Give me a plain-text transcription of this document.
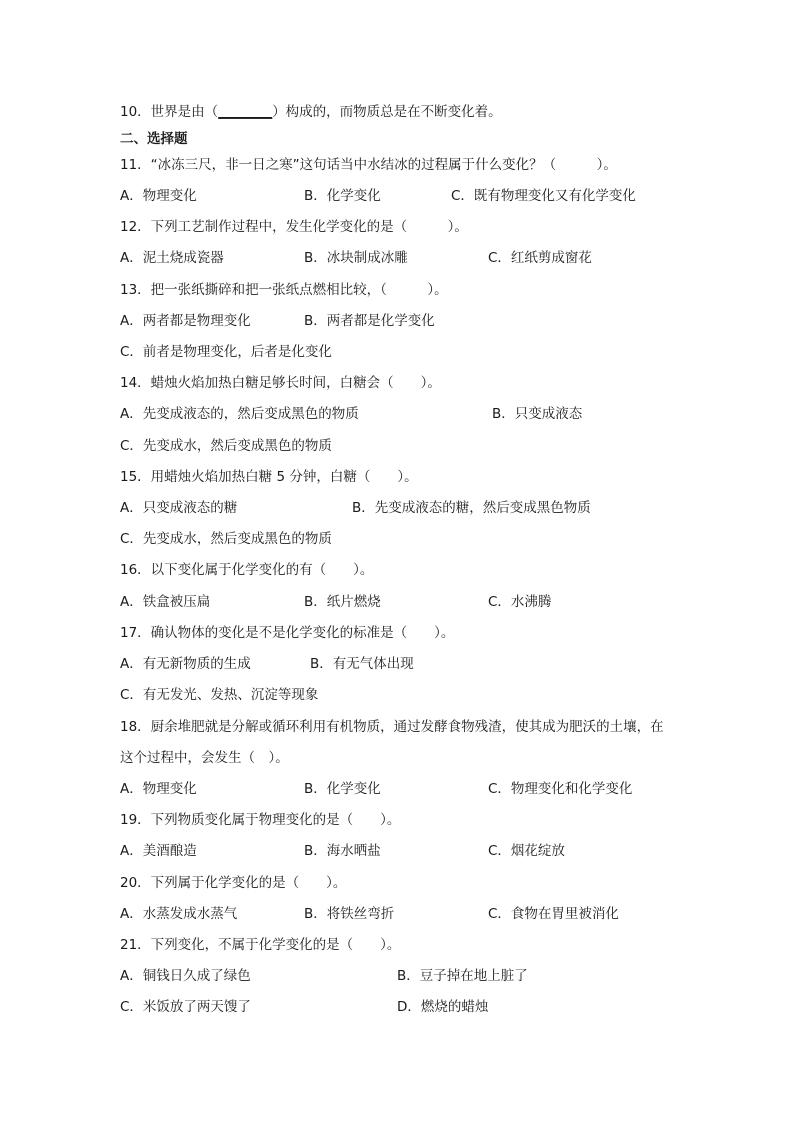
10．世界是由（________）构成的，而物质总是在不断变化着。
二、选择题
11．“冰冻三尺，非一日之寒”这句话当中水结冰的过程属于什么变化？（　　　）。
A．物理变化	B．化学变化	C．既有物理变化又有化学变化
12．下列工艺制作过程中，发生化学变化的是（　　　）。
A．泥土烧成瓷器	B．冰块制成冰雕	C．红纸剪成窗花
13．把一张纸撕碎和把一张纸点燃相比较，（　　　）。
A．两者都是物理变化	B．两者都是化学变化
C．前者是物理变化，后者是化变化
14．蜡烛火焰加热白糖足够长时间，白糖会（　　）。
A．先变成液态的，然后变成黑色的物质	B．只变成液态
C．先变成水，然后变成黑色的物质
15．用蜡烛火焰加热白糖 5 分钟，白糖（　　）。
A．只变成液态的糖	B．先变成液态的糖，然后变成黑色物质
C．先变成水，然后变成黑色的物质
16．以下变化属于化学变化的有（　　）。
A．铁盒被压扁	B．纸片燃烧	C．水沸腾
17．确认物体的变化是不是化学变化的标准是（　　）。
A．有无新物质的生成	B．有无气体出现
C．有无发光、发热、沉淀等现象
18．厨余堆肥就是分解或循环利用有机物质，通过发酵食物残渣，使其成为肥沃的土壤，在
这个过程中，会发生（　）。
A．物理变化	B．化学变化	C．物理变化和化学变化
19．下列物质变化属于物理变化的是（　　）。
A．美酒酿造	B．海水晒盐	C．烟花绽放
20．下列属于化学变化的是（　　）。
A．水蒸发成水蒸气	B．将铁丝弯折	C．食物在胃里被消化
21．下列变化，不属于化学变化的是（　　）。
A．铜钱日久成了绿色	B．豆子掉在地上脏了
C．米饭放了两天馊了	D．燃烧的蜡烛
